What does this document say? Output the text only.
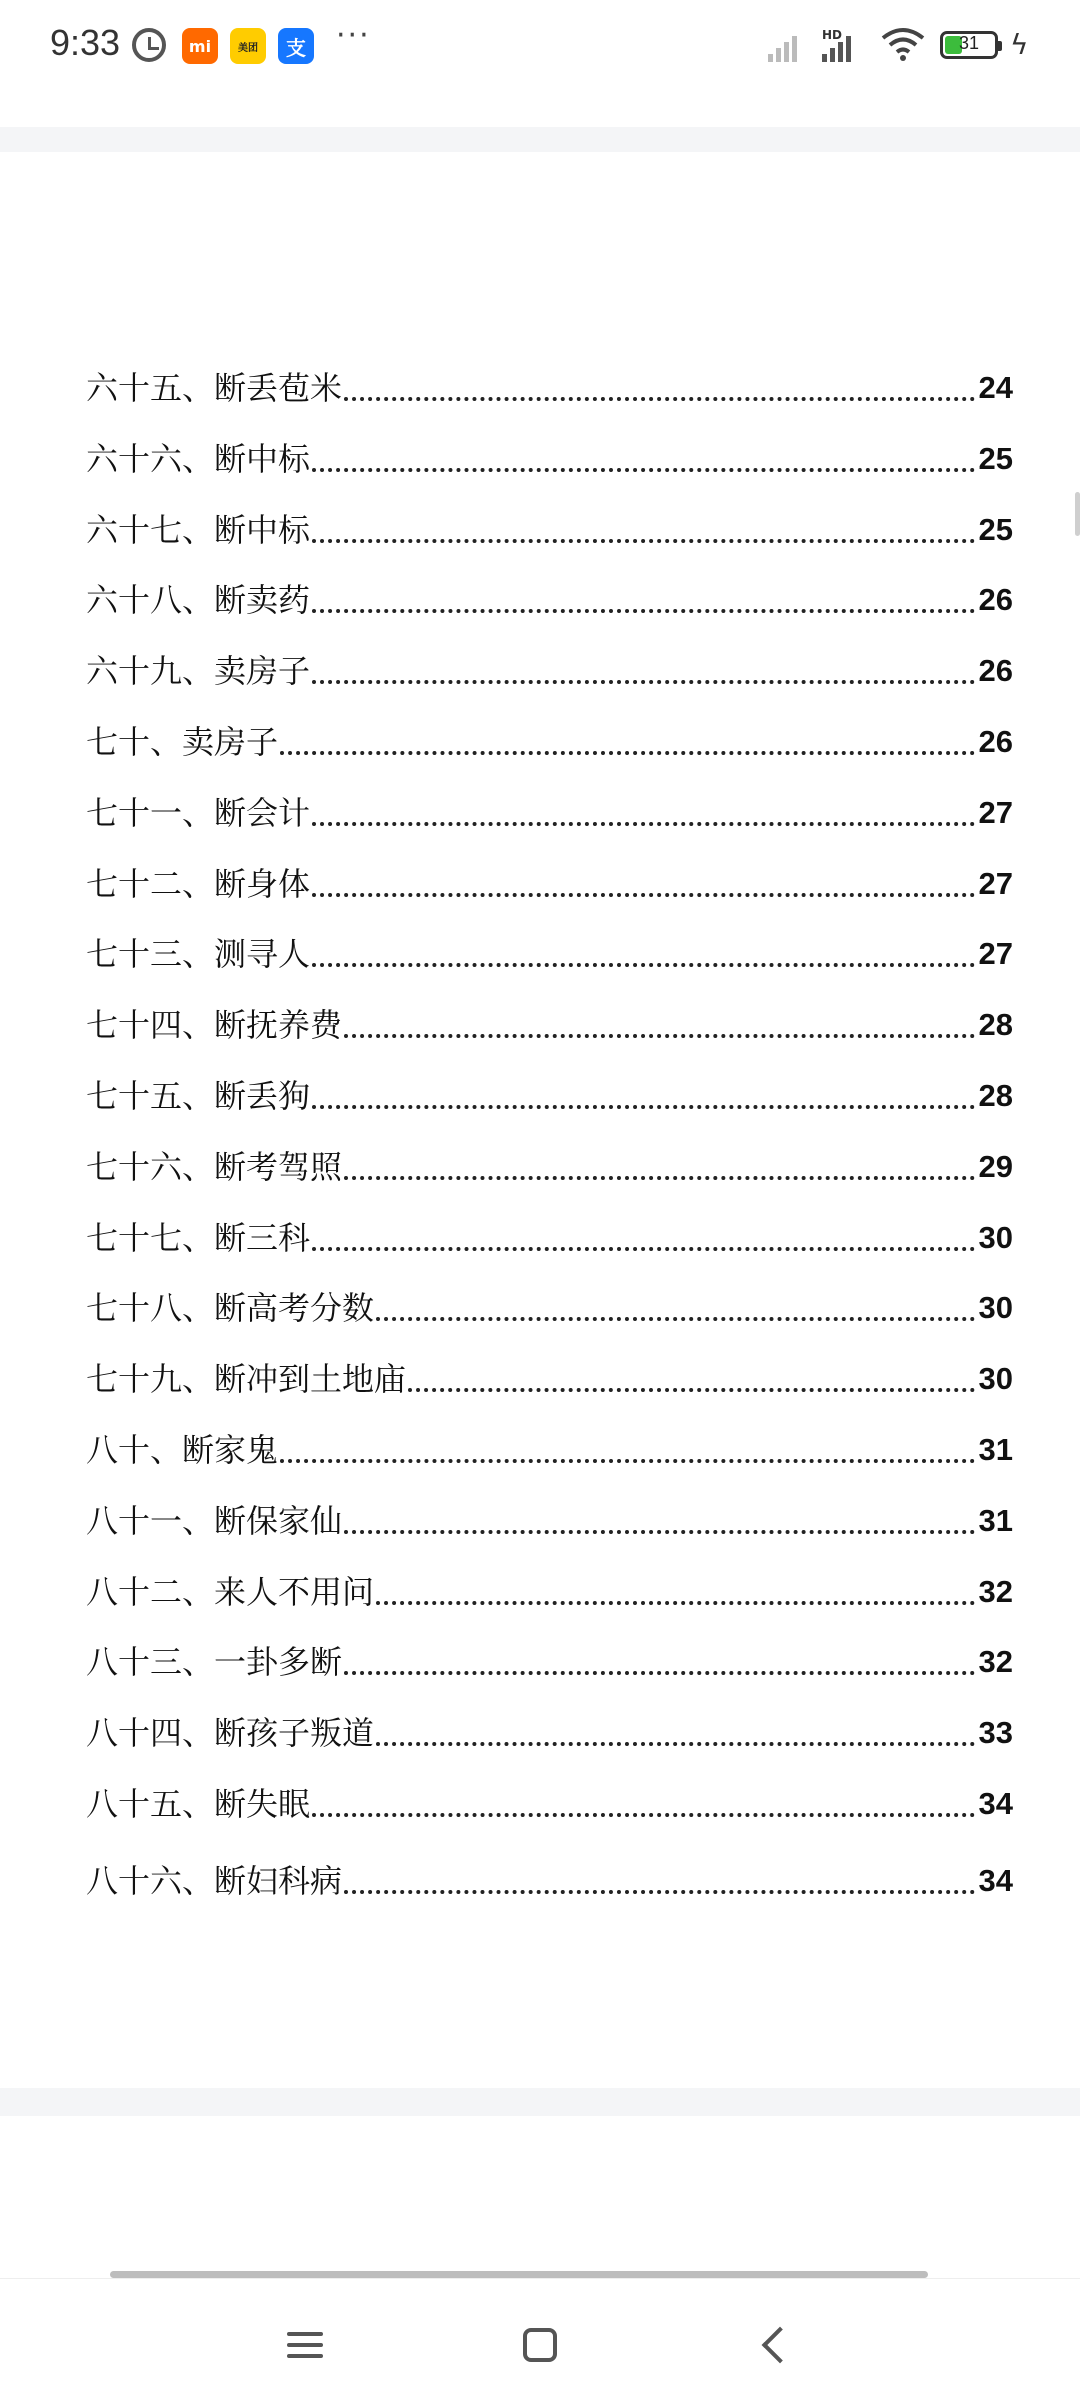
9:33	mi	美团	支 ···	HD	31	ϟ
六十五、断丢苞米	24
六十六、断中标	25
六十七、断中标	25
六十八、断卖药	26
六十九、卖房子	26
七十、卖房子	26
七十一、断会计	27
七十二、断身体	27
七十三、测寻人	27
七十四、断抚养费	28
七十五、断丢狗	28
七十六、断考驾照	29
七十七、断三科	30
七十八、断高考分数	30
七十九、断冲到土地庙	30
八十、断家鬼	31
八十一、断保家仙	31
八十二、来人不用问	32
八十三、一卦多断	32
八十四、断孩子叛道	33
八十五、断失眠	34
八十六、断妇科病	34
